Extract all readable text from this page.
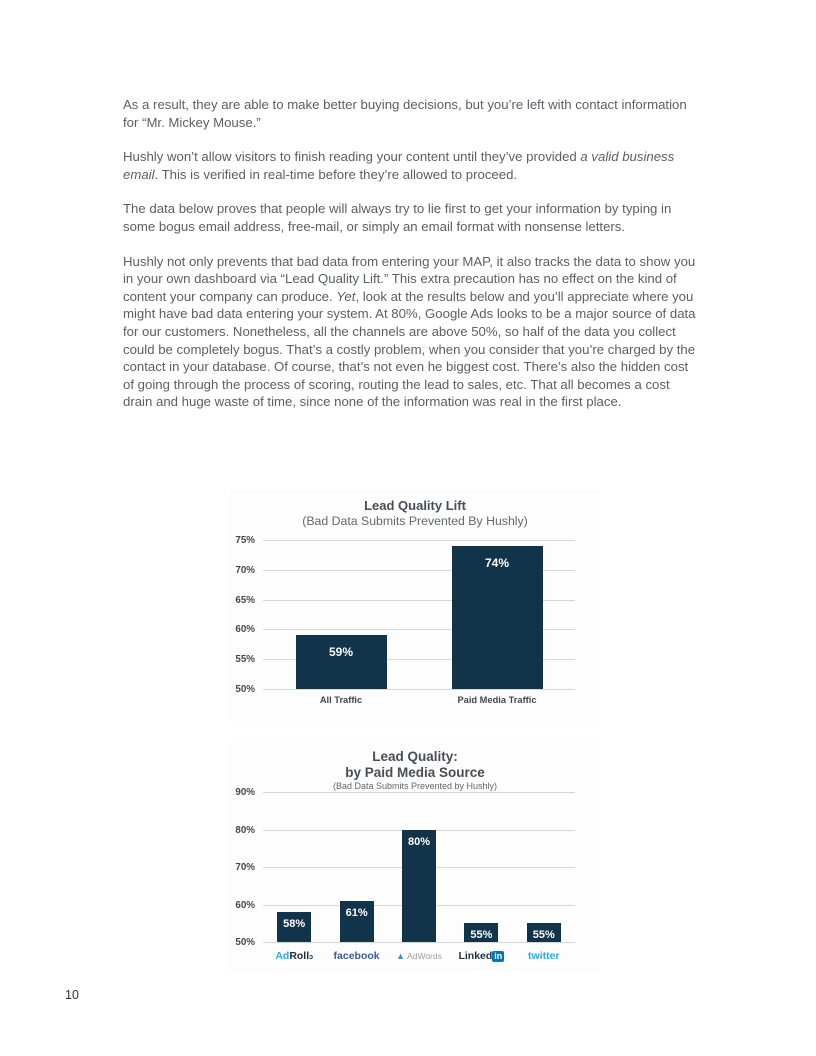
As a result, they are able to make better buying decisions, but you’re left with contact information for “Mr. Mickey Mouse.”

Hushly won’t allow visitors to finish reading your content until they’ve provided a valid business email. This is verified in real-time before they’re allowed to proceed.

The data below proves that people will always try to lie first to get your information by typing in some bogus email address, free-mail, or simply an email format with nonsense letters.

Hushly not only prevents that bad data from entering your MAP, it also tracks the data to show you in your own dashboard via “Lead Quality Lift.” This extra precaution has no effect on the kind of content your company can produce. Yet, look at the results below and you’ll appreciate where you might have bad data entering your system. At 80%, Google Ads looks to be a major source of data for our customers. Nonetheless, all the channels are above 50%, so half of the data you collect could be completely bogus. That’s a costly problem, when you consider that you’re charged by the contact in your database. Of course, that’s not even he biggest cost. There’s also the hidden cost of going through the process of scoring, routing the lead to sales, etc. That all becomes a cost drain and huge waste of time, since none of the information was real in the first place.

Lead Quality Lift
(Bad Data Submits Prevented By Hushly)
75%
70%
65%
60%
55%
50%
59%
All Traffic
74%
Paid Media Traffic
Lead Quality:
by Paid Media Source
(Bad Data Submits Prevented by Hushly)
90%
80%
70%
60%
50%
58%
61%
80%
55%	55%
AdRollɔ	facebook	▲ AdWords	Linked in	twitter
10
